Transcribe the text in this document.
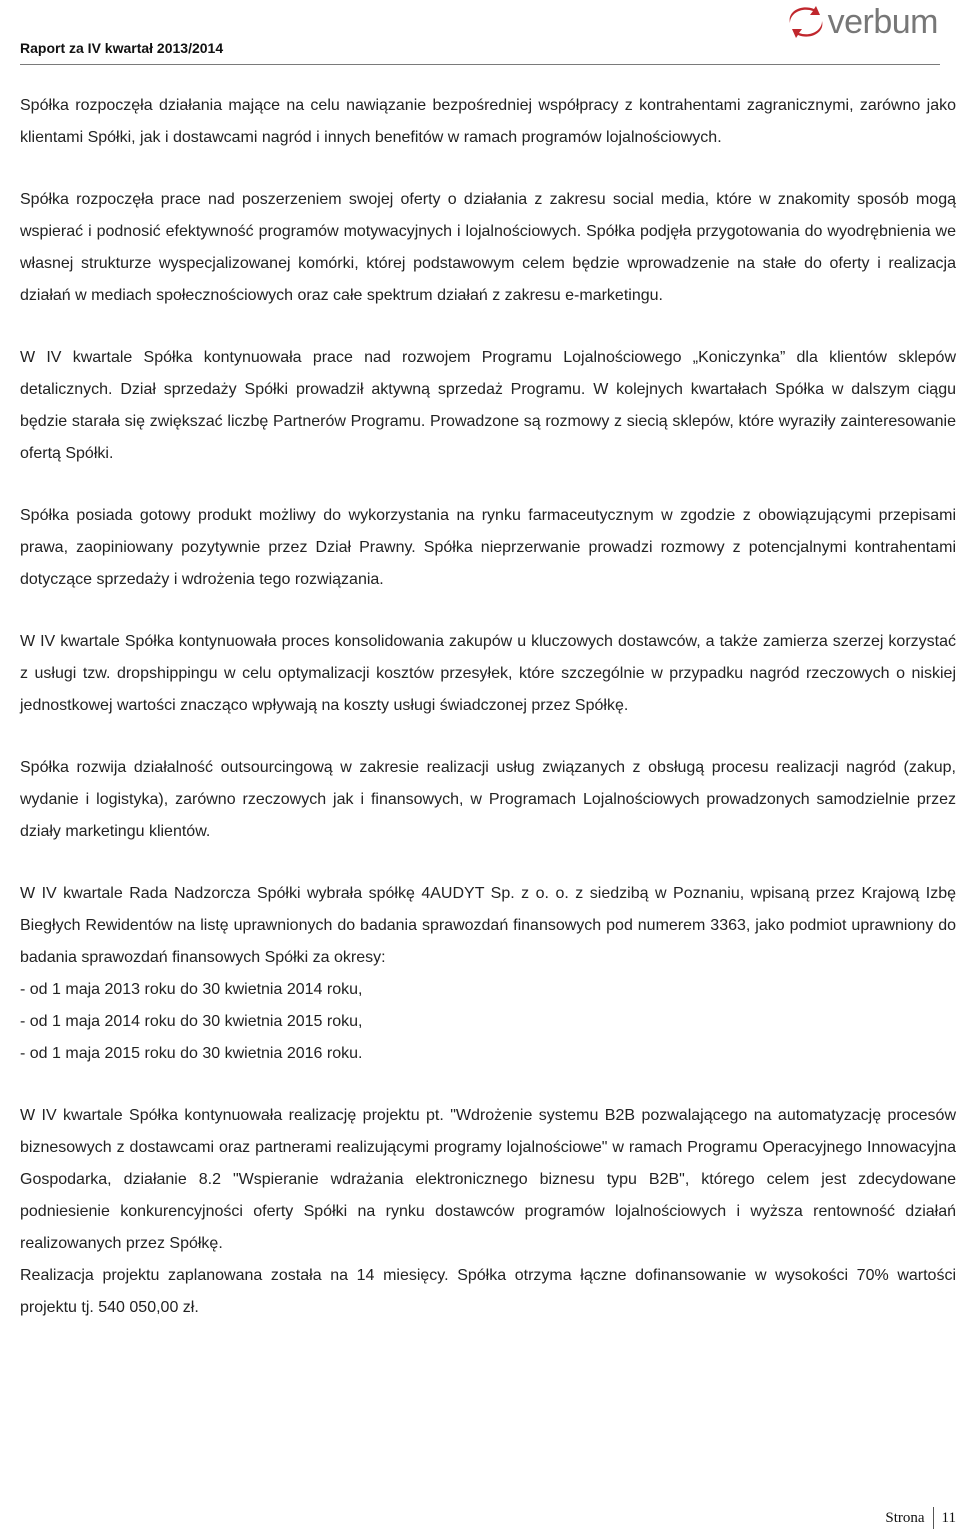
Raport za IV kwartał 2013/2014
verbum

Spółka rozpoczęła działania mające na celu nawiązanie bezpośredniej współpracy z kontrahentami zagranicznymi, zarówno jako klientami Spółki, jak i dostawcami nagród i innych benefitów w ramach programów lojalnościowych.

Spółka rozpoczęła prace nad poszerzeniem swojej oferty o działania z zakresu social media, które w znakomity sposób mogą wspierać i podnosić efektywność programów motywacyjnych i lojalnościowych. Spółka podjęła przygotowania do wyodrębnienia we własnej strukturze wyspecjalizowanej komórki, której podstawowym celem będzie wprowadzenie na stałe do oferty i realizacja działań w mediach społecznościowych oraz całe spektrum działań z zakresu e-marketingu.

W IV kwartale Spółka kontynuowała prace nad rozwojem Programu Lojalnościowego „Koniczynka” dla klientów sklepów detalicznych. Dział sprzedaży Spółki prowadził aktywną sprzedaż Programu. W kolejnych kwartałach Spółka w dalszym ciągu będzie starała się zwiększać liczbę Partnerów Programu. Prowadzone są rozmowy z siecią sklepów, które wyraziły zainteresowanie ofertą Spółki.

Spółka posiada gotowy produkt możliwy do wykorzystania na rynku farmaceutycznym w zgodzie z obowiązującymi przepisami prawa, zaopiniowany pozytywnie przez Dział Prawny. Spółka nieprzerwanie prowadzi rozmowy z potencjalnymi kontrahentami dotyczące sprzedaży i wdrożenia tego rozwiązania.

W IV kwartale Spółka kontynuowała proces konsolidowania zakupów u kluczowych dostawców, a także zamierza szerzej korzystać z usługi tzw. dropshippingu w celu optymalizacji kosztów przesyłek, które szczególnie w przypadku nagród rzeczowych o niskiej jednostkowej wartości znacząco wpływają na koszty usługi świadczonej przez Spółkę.

Spółka rozwija działalność outsourcingową w zakresie realizacji usług związanych z obsługą procesu realizacji nagród (zakup, wydanie i logistyka), zarówno rzeczowych jak i finansowych, w Programach Lojalnościowych prowadzonych samodzielnie przez działy marketingu klientów.

W IV kwartale Rada Nadzorcza Spółki wybrała spółkę 4AUDYT Sp. z o. o. z siedzibą w Poznaniu, wpisaną przez Krajową Izbę Biegłych Rewidentów na listę uprawnionych do badania sprawozdań finansowych pod numerem 3363, jako podmiot uprawniony do badania sprawozdań finansowych Spółki za okresy:
- od 1 maja 2013 roku do 30 kwietnia 2014 roku,
- od 1 maja 2014 roku do 30 kwietnia 2015 roku,
- od 1 maja 2015 roku do 30 kwietnia 2016 roku.

W IV kwartale Spółka kontynuowała realizację projektu pt. "Wdrożenie systemu B2B pozwalającego na automatyzację procesów biznesowych z dostawcami oraz partnerami realizującymi programy lojalnościowe" w ramach Programu Operacyjnego Innowacyjna Gospodarka, działanie 8.2 "Wspieranie wdrażania elektronicznego biznesu typu B2B", którego celem jest zdecydowane podniesienie konkurencyjności oferty Spółki na rynku dostawców programów lojalnościowych i wyższa rentowność działań realizowanych przez Spółkę.

Realizacja projektu zaplanowana została na 14 miesięcy. Spółka otrzyma łączne dofinansowanie w wysokości 70% wartości projektu tj. 540 050,00 zł.

Strona 11
